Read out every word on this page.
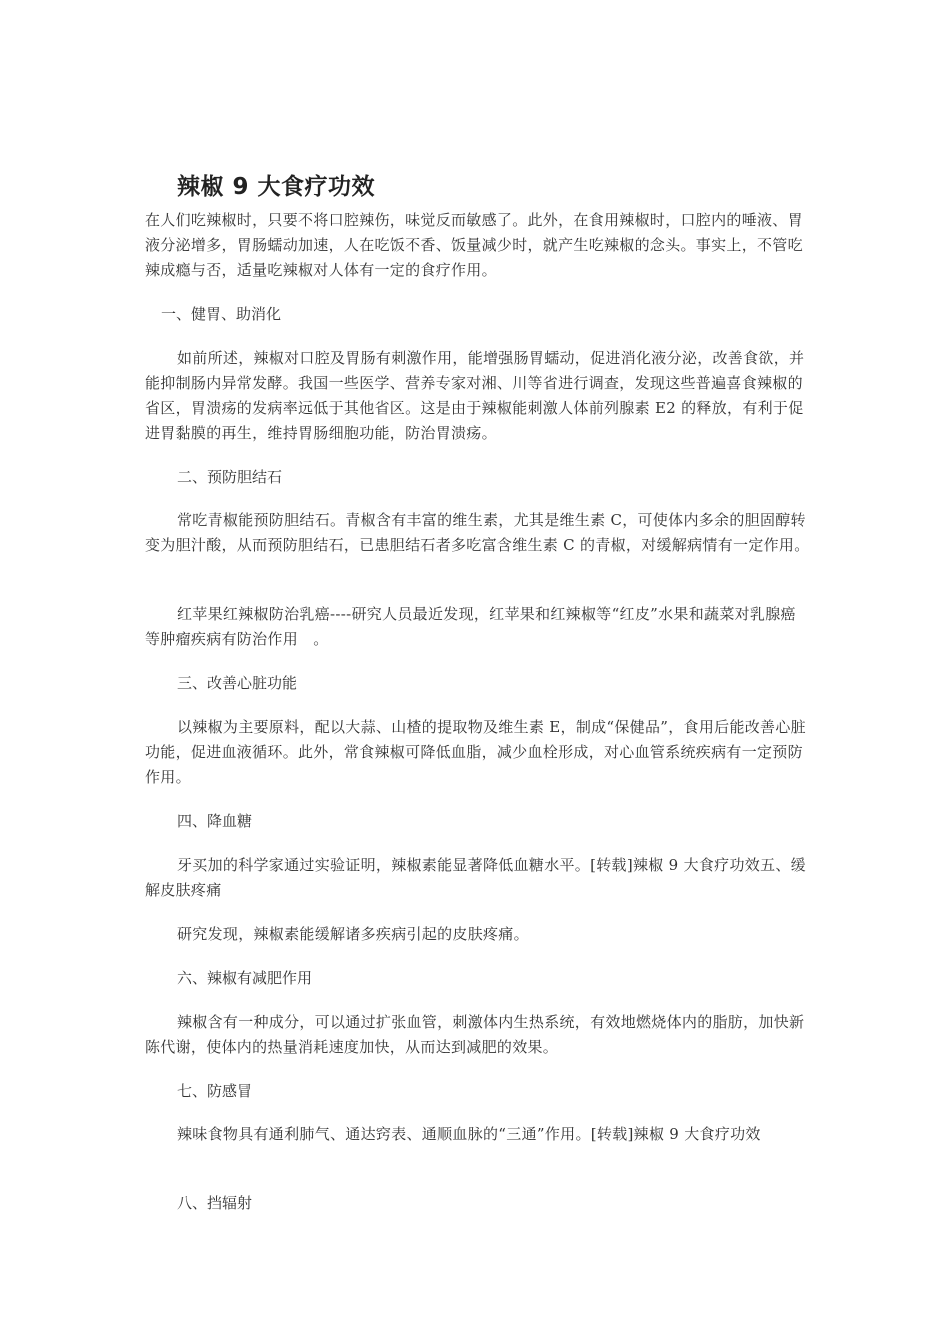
辣椒 9 大食疗功效

在人们吃辣椒时，只要不将口腔辣伤，味觉反而敏感了。此外，在食用辣椒时，口腔内的唾液、胃液分泌增多，胃肠蠕动加速，人在吃饭不香、饭量减少时，就产生吃辣椒的念头。事实上，不管吃辣成瘾与否，适量吃辣椒对人体有一定的食疗作用。

一、健胃、助消化

如前所述，辣椒对口腔及胃肠有刺激作用，能增强肠胃蠕动，促进消化液分泌，改善食欲，并能抑制肠内异常发酵。我国一些医学、营养专家对湘、川等省进行调查，发现这些普遍喜食辣椒的省区，胃溃疡的发病率远低于其他省区。这是由于辣椒能刺激人体前列腺素 E2 的释放，有利于促进胃黏膜的再生，维持胃肠细胞功能，防治胃溃疡。

二、预防胆结石

常吃青椒能预防胆结石。青椒含有丰富的维生素，尤其是维生素 C，可使体内多余的胆固醇转变为胆汁酸，从而预防胆结石，已患胆结石者多吃富含维生素 C 的青椒，对缓解病情有一定作用。

红苹果红辣椒防治乳癌----研究人员最近发现，红苹果和红辣椒等“红皮”水果和蔬菜对乳腺癌等肿瘤疾病有防治作用　。

三、改善心脏功能

以辣椒为主要原料，配以大蒜、山楂的提取物及维生素 E，制成“保健品”，食用后能改善心脏功能，促进血液循环。此外，常食辣椒可降低血脂，减少血栓形成，对心血管系统疾病有一定预防作用。

四、降血糖

牙买加的科学家通过实验证明，辣椒素能显著降低血糖水平。[转载]辣椒 9 大食疗功效五、缓解皮肤疼痛

研究发现，辣椒素能缓解诸多疾病引起的皮肤疼痛。

六、辣椒有减肥作用

辣椒含有一种成分，可以通过扩张血管，刺激体内生热系统，有效地燃烧体内的脂肪，加快新陈代谢，使体内的热量消耗速度加快，从而达到减肥的效果。

七、防感冒

辣味食物具有通利肺气、通达窍表、通顺血脉的“三通”作用。[转载]辣椒 9 大食疗功效

八、挡辐射
